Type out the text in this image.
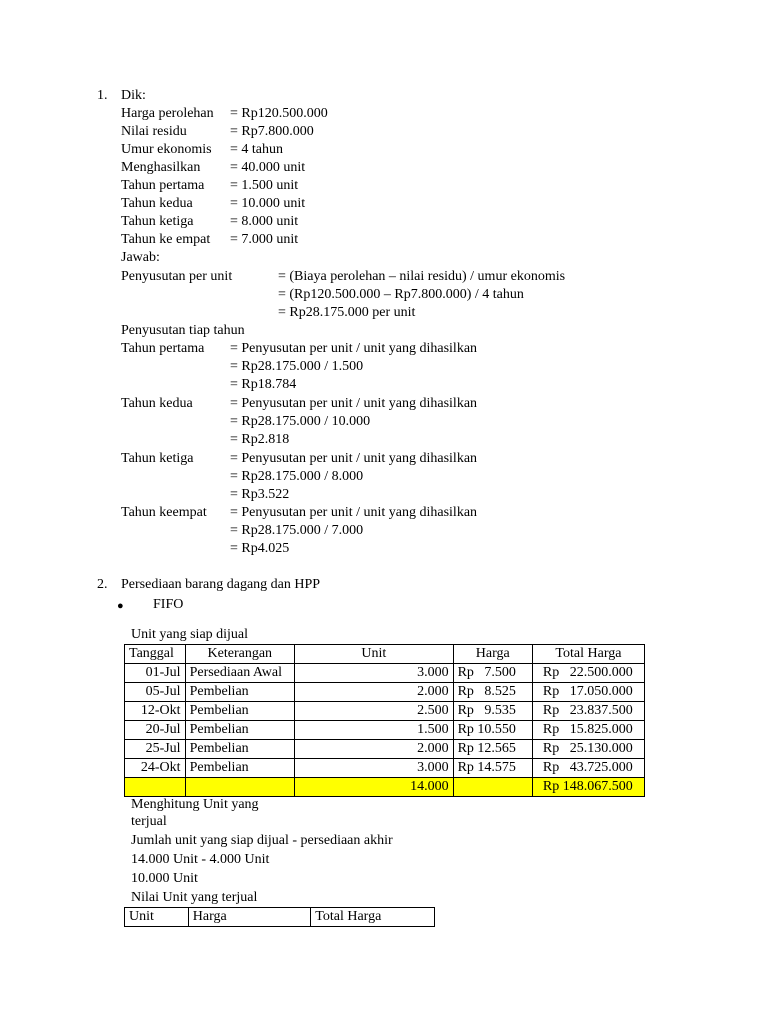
1. Dik:
Harga perolehan = Rp120.500.000
Nilai residu	= Rp7.800.000
Umur ekonomis = 4 tahun
Menghasilkan = 40.000 unit
Tahun pertama = 1.500 unit
Tahun kedua	= 10.000 unit
Tahun ketiga	= 8.000 unit
Tahun ke empat = 7.000 unit
Jawab:
Penyusutan per unit	= (Biaya perolehan – nilai residu) / umur ekonomis
= (Rp120.500.000 – Rp7.800.000) / 4 tahun
= Rp28.175.000 per unit
Penyusutan tiap tahun
Tahun pertama = Penyusutan per unit / unit yang dihasilkan
= Rp28.175.000 / 1.500
= Rp18.784
Tahun kedua	= Penyusutan per unit / unit yang dihasilkan
= Rp28.175.000 / 10.000
= Rp2.818
Tahun ketiga	= Penyusutan per unit / unit yang dihasilkan
= Rp28.175.000 / 8.000
= Rp3.522
Tahun keempat = Penyusutan per unit / unit yang dihasilkan
= Rp28.175.000 / 7.000
= Rp4.025
2. Persediaan barang dagang dan HPP
● FIFO
Unit yang siap dijual
Tanggal	Keterangan	Unit	Harga	Total Harga
01-Jul	Persediaan Awal	3.000	Rp   7.500	Rp   22.500.000
05-Jul	Pembelian	2.000	Rp   8.525	Rp   17.050.000
12-Okt	Pembelian	2.500	Rp   9.535	Rp   23.837.500
20-Jul	Pembelian	1.500	Rp 10.550	Rp   15.825.000
25-Jul	Pembelian	2.000	Rp 12.565	Rp   25.130.000
24-Okt	Pembelian	3.000	Rp 14.575	Rp   43.725.000
		14.000		Rp 148.067.500
Menghitung Unit yang
terjual
Jumlah unit yang siap dijual - persediaan akhir
14.000 Unit - 4.000 Unit
10.000 Unit
Nilai Unit yang terjual
Unit	Harga	Total Harga
